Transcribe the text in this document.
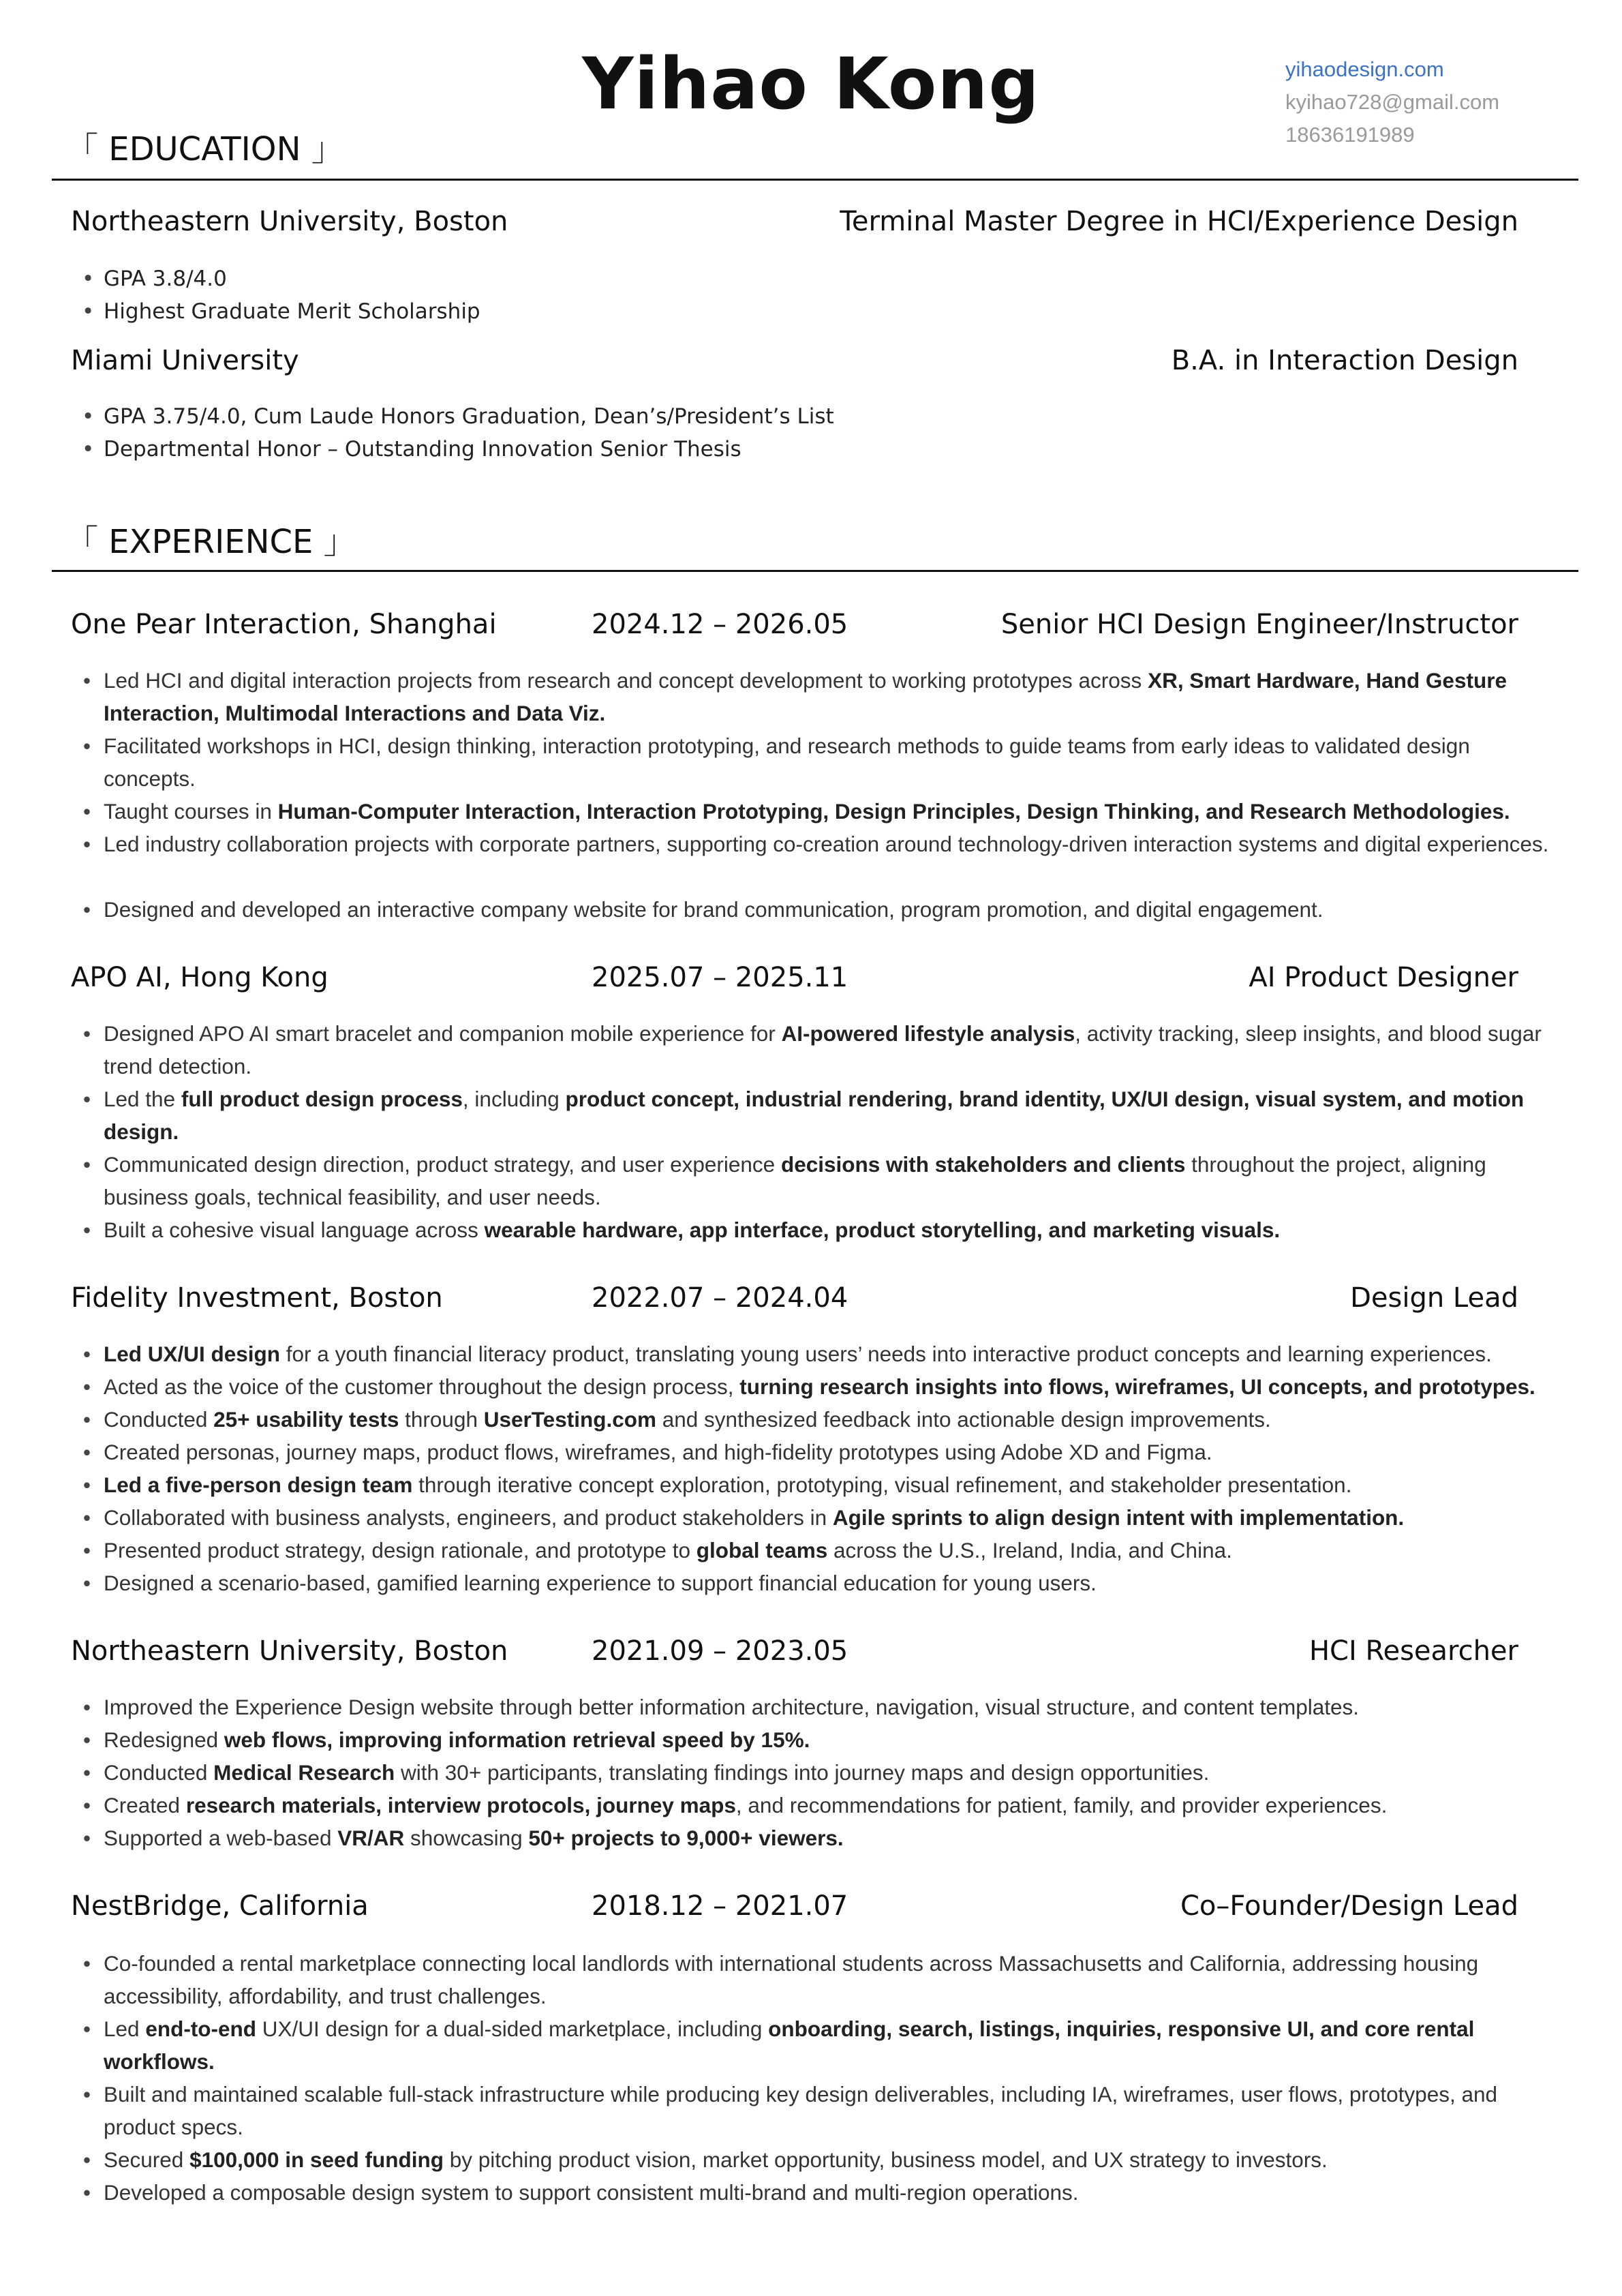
Yihao Kong	yihaodesign.com
kyihao728@gmail.com
18636191989
「 EDUCATION 」
Northeastern University, Boston	Terminal Master Degree in HCI/Experience Design
• GPA 3.8/4.0
• Highest Graduate Merit Scholarship
Miami University	B.A. in Interaction Design
• GPA 3.75/4.0, Cum Laude Honors Graduation, Dean’s/President’s List
• Departmental Honor – Outstanding Innovation Senior Thesis
「 EXPERIENCE 」
One Pear Interaction, Shanghai	2024.12 – 2026.05	Senior HCI Design Engineer/Instructor
• Led HCI and digital interaction projects from research and concept development to working prototypes across XR, Smart Hardware, Hand Gesture Interaction, Multimodal Interactions and Data Viz.
• Facilitated workshops in HCI, design thinking, interaction prototyping, and research methods to guide teams from early ideas to validated design concepts.
• Taught courses in Human-Computer Interaction, Interaction Prototyping, Design Principles, Design Thinking, and Research Methodologies.
• Led industry collaboration projects with corporate partners, supporting co-creation around technology-driven interaction systems and digital experiences.
• Designed and developed an interactive company website for brand communication, program promotion, and digital engagement.
APO AI, Hong Kong	2025.07 – 2025.11	AI Product Designer
• Designed APO AI smart bracelet and companion mobile experience for AI-powered lifestyle analysis, activity tracking, sleep insights, and blood sugar trend detection.
• Led the full product design process, including product concept, industrial rendering, brand identity, UX/UI design, visual system, and motion design.
• Communicated design direction, product strategy, and user experience decisions with stakeholders and clients throughout the project, aligning business goals, technical feasibility, and user needs.
• Built a cohesive visual language across wearable hardware, app interface, product storytelling, and marketing visuals.
Fidelity Investment, Boston	2022.07 – 2024.04	Design Lead
• Led UX/UI design for a youth financial literacy product, translating young users’ needs into interactive product concepts and learning experiences.
• Acted as the voice of the customer throughout the design process, turning research insights into flows, wireframes, UI concepts, and prototypes.
• Conducted 25+ usability tests through UserTesting.com and synthesized feedback into actionable design improvements.
• Created personas, journey maps, product flows, wireframes, and high-fidelity prototypes using Adobe XD and Figma.
• Led a five-person design team through iterative concept exploration, prototyping, visual refinement, and stakeholder presentation.
• Collaborated with business analysts, engineers, and product stakeholders in Agile sprints to align design intent with implementation.
• Presented product strategy, design rationale, and prototype to global teams across the U.S., Ireland, India, and China.
• Designed a scenario-based, gamified learning experience to support financial education for young users.
Northeastern University, Boston	2021.09 – 2023.05	HCI Researcher
• Improved the Experience Design website through better information architecture, navigation, visual structure, and content templates.
• Redesigned web flows, improving information retrieval speed by 15%.
• Conducted Medical Research with 30+ participants, translating findings into journey maps and design opportunities.
• Created research materials, interview protocols, journey maps, and recommendations for patient, family, and provider experiences.
• Supported a web-based VR/AR showcasing 50+ projects to 9,000+ viewers.
NestBridge, California	2018.12 – 2021.07	Co–Founder/Design Lead
• Co-founded a rental marketplace connecting local landlords with international students across Massachusetts and California, addressing housing accessibility, affordability, and trust challenges.
• Led end-to-end UX/UI design for a dual-sided marketplace, including onboarding, search, listings, inquiries, responsive UI, and core rental workflows.
• Built and maintained scalable full-stack infrastructure while producing key design deliverables, including IA, wireframes, user flows, prototypes, and product specs.
• Secured $100,000 in seed funding by pitching product vision, market opportunity, business model, and UX strategy to investors.
• Developed a composable design system to support consistent multi-brand and multi-region operations.
